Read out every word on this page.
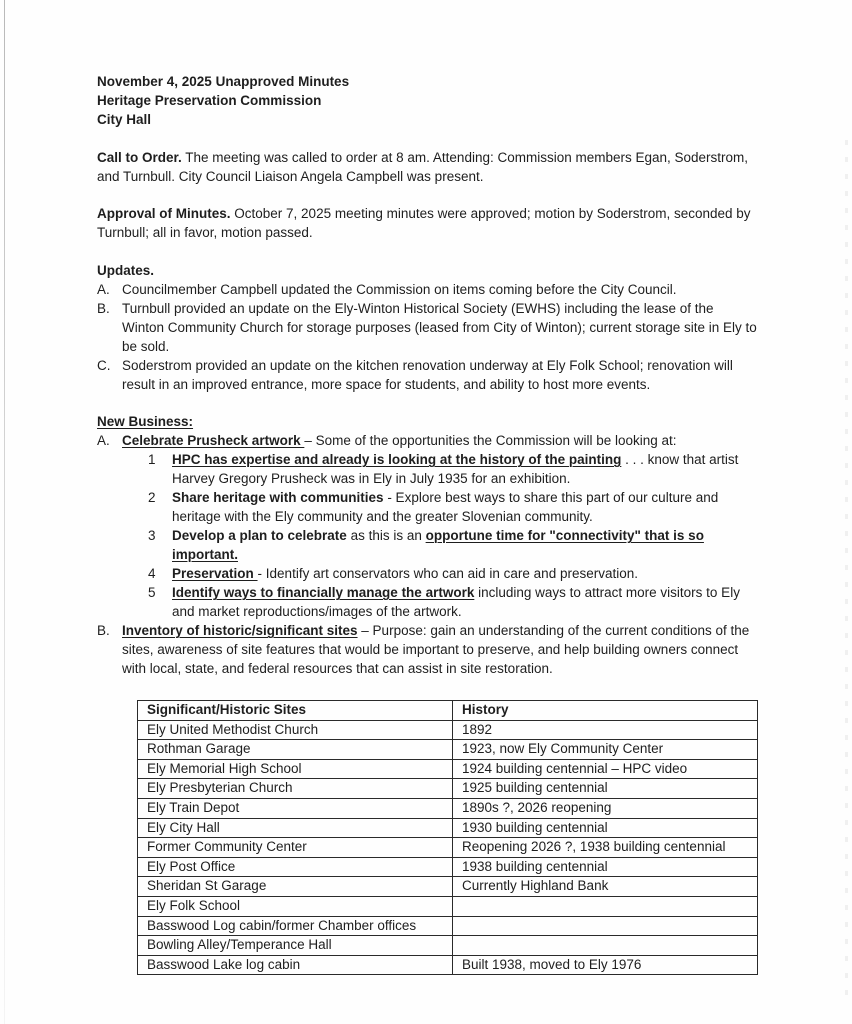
November 4, 2025 Unapproved Minutes
Heritage Preservation Commission
City Hall
Call to Order. The meeting was called to order at 8 am. Attending: Commission members Egan, Soderstrom, and Turnbull. City Council Liaison Angela Campbell was present.
Approval of Minutes. October 7, 2025 meeting minutes were approved; motion by Soderstrom, seconded by Turnbull; all in favor, motion passed.
Updates.
A. Councilmember Campbell updated the Commission on items coming before the City Council.
B. Turnbull provided an update on the Ely-Winton Historical Society (EWHS) including the lease of the Winton Community Church for storage purposes (leased from City of Winton); current storage site in Ely to be sold.
C. Soderstrom provided an update on the kitchen renovation underway at Ely Folk School; renovation will result in an improved entrance, more space for students, and ability to host more events.
New Business:
A. Celebrate Prusheck artwork – Some of the opportunities the Commission will be looking at:
1	HPC has expertise and already is looking at the history of the painting . . . know that artist Harvey Gregory Prusheck was in Ely in July 1935 for an exhibition.
2	Share heritage with communities - Explore best ways to share this part of our culture and heritage with the Ely community and the greater Slovenian community.
3	Develop a plan to celebrate as this is an opportune time for "connectivity" that is so important.
4	Preservation - Identify art conservators who can aid in care and preservation.
5	Identify ways to financially manage the artwork including ways to attract more visitors to Ely and market reproductions/images of the artwork.
B. Inventory of historic/significant sites – Purpose: gain an understanding of the current conditions of the sites, awareness of site features that would be important to preserve, and help building owners connect with local, state, and federal resources that can assist in site restoration.
Significant/Historic Sites	History
Ely United Methodist Church	1892
Rothman Garage	1923, now Ely Community Center
Ely Memorial High School	1924 building centennial – HPC video
Ely Presbyterian Church	1925 building centennial
Ely Train Depot	1890s ?, 2026 reopening
Ely City Hall	1930 building centennial
Former Community Center	Reopening 2026 ?, 1938 building centennial
Ely Post Office	1938 building centennial
Sheridan St Garage	Currently Highland Bank
Ely Folk School	
Basswood Log cabin/former Chamber offices	
Bowling Alley/Temperance Hall	
Basswood Lake log cabin	Built 1938, moved to Ely 1976
